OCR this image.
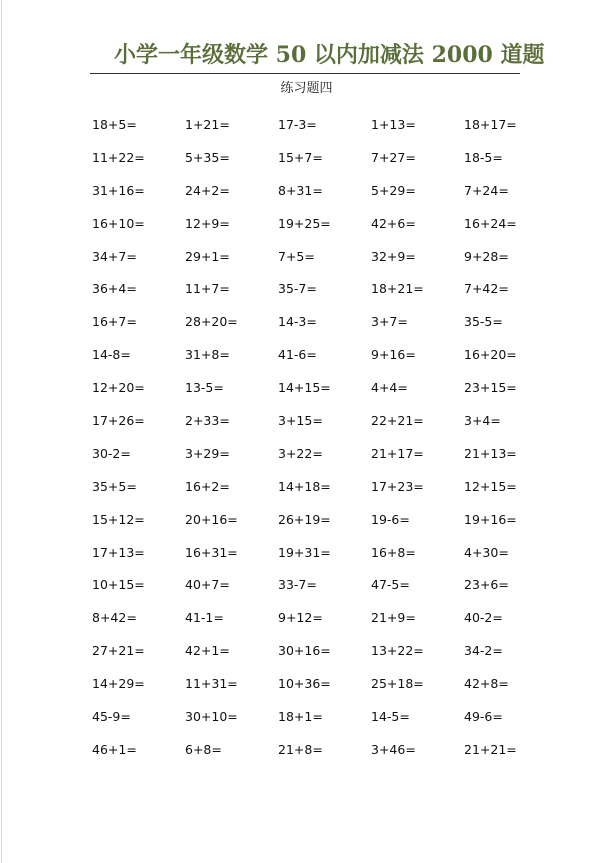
小学一年级数学 50 以内加减法 2000 道题
练习题四
18+5=	1+21=	17-3=	1+13=	18+17=
11+22=	5+35=	15+7=	7+27=	18-5=
31+16=	24+2=	8+31=	5+29=	7+24=
16+10=	12+9=	19+25=	42+6=	16+24=
34+7=	29+1=	7+5=	32+9=	9+28=
36+4=	11+7=	35-7=	18+21=	7+42=
16+7=	28+20=	14-3=	3+7=	35-5=
14-8=	31+8=	41-6=	9+16=	16+20=
12+20=	13-5=	14+15=	4+4=	23+15=
17+26=	2+33=	3+15=	22+21=	3+4=
30-2=	3+29=	3+22=	21+17=	21+13=
35+5=	16+2=	14+18=	17+23=	12+15=
15+12=	20+16=	26+19=	19-6=	19+16=
17+13=	16+31=	19+31=	16+8=	4+30=
10+15=	40+7=	33-7=	47-5=	23+6=
8+42=	41-1=	9+12=	21+9=	40-2=
27+21=	42+1=	30+16=	13+22=	34-2=
14+29=	11+31=	10+36=	25+18=	42+8=
45-9=	30+10=	18+1=	14-5=	49-6=
46+1=	6+8=	21+8=	3+46=	21+21=
